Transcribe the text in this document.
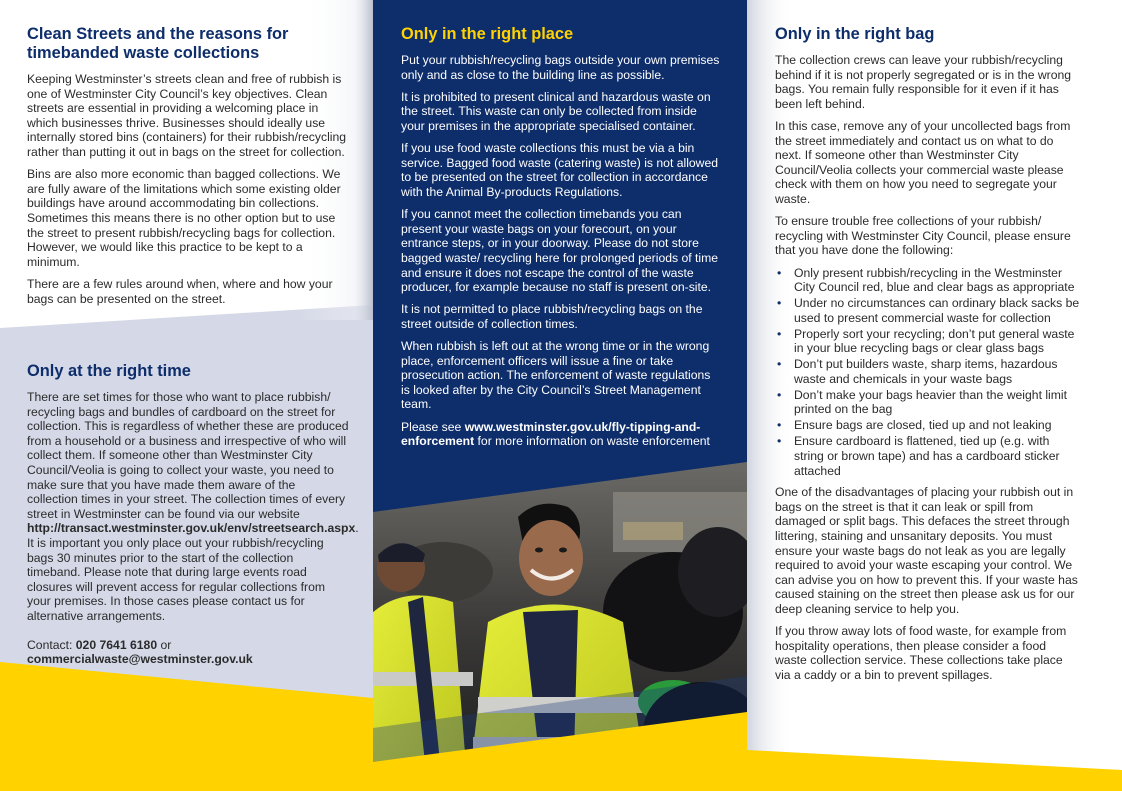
Clean Streets and the reasons for timebanded waste collections

Keeping Westminster’s streets clean and free of rubbish is one of Westminster City Council’s key objectives. Clean streets are essential in providing a welcoming place in which businesses thrive. Businesses should ideally use internally stored bins (containers) for their rubbish/recycling rather than putting it out in bags on the street for collection.

Bins are also more economic than bagged collections. We are fully aware of the limitations which some existing older buildings have around accommodating bin collections. Sometimes this means there is no other option but to use the street to present rubbish/recycling bags for collection. However, we would like this practice to be kept to a minimum.

There are a few rules around when, where and how your bags can be presented on the street.

Only at the right time

There are set times for those who want to place rubbish/ recycling bags and bundles of cardboard on the street for collection. This is regardless of whether these are produced from a household or a business and irrespective of who will collect them. If someone other than Westminster City Council/Veolia is going to collect your waste, you need to make sure that you have made them aware of the collection times in your street. The collection times of every street in Westminster can be found via our website http://transact.westminster.gov.uk/env/streetsearch.aspx. It is important you only place out your rubbish/recycling bags 30 minutes prior to the start of the collection timeband. Please note that during large events road closures will prevent access for regular collections from your premises. In those cases please contact us for alternative arrangements.

Contact: 020 7641 6180 or
commercialwaste@westminster.gov.uk

Only in the right place

Put your rubbish/recycling bags outside your own premises only and as close to the building line as possible.

It is prohibited to present clinical and hazardous waste on the street. This waste can only be collected from inside your premises in the appropriate specialised container.

If you use food waste collections this must be via a bin service. Bagged food waste (catering waste) is not allowed to be presented on the street for collection in accordance with the Animal By-products Regulations.

If you cannot meet the collection timebands you can present your waste bags on your forecourt, on your entrance steps, or in your doorway. Please do not store bagged waste/ recycling here for prolonged periods of time and ensure it does not escape the control of the waste producer, for example because no staff is present on-site.

It is not permitted to place rubbish/recycling bags on the street outside of collection times.

When rubbish is left out at the wrong time or in the wrong place, enforcement officers will issue a fine or take prosecution action. The enforcement of waste regulations is looked after by the City Council’s Street Management team.

Please see www.westminster.gov.uk/fly-tipping-and-enforcement for more information on waste enforcement

Only in the right bag

The collection crews can leave your rubbish/recycling behind if it is not properly segregated or is in the wrong bags. You remain fully responsible for it even if it has been left behind.

In this case, remove any of your uncollected bags from the street immediately and contact us on what to do next. If someone other than Westminster City Council/Veolia collects your commercial waste please check with them on how you need to segregate your waste.

To ensure trouble free collections of your rubbish/ recycling with Westminster City Council, please ensure that you have done the following:

• Only present rubbish/recycling in the Westminster City Council red, blue and clear bags as appropriate
• Under no circumstances can ordinary black sacks be used to present commercial waste for collection
• Properly sort your recycling; don’t put general waste in your blue recycling bags or clear glass bags
• Don’t put builders waste, sharp items, hazardous waste and chemicals in your waste bags
• Don’t make your bags heavier than the weight limit printed on the bag
• Ensure bags are closed, tied up and not leaking
• Ensure cardboard is flattened, tied up (e.g. with string or brown tape) and has a cardboard sticker attached

One of the disadvantages of placing your rubbish out in bags on the street is that it can leak or spill from damaged or split bags. This defaces the street through littering, staining and unsanitary deposits. You must ensure your waste bags do not leak as you are legally required to avoid your waste escaping your control. We can advise you on how to prevent this. If your waste has caused staining on the street then please ask us for our deep cleaning service to help you.

If you throw away lots of food waste, for example from hospitality operations, then please consider a food waste collection service. These collections take place via a caddy or a bin to prevent spillages.
